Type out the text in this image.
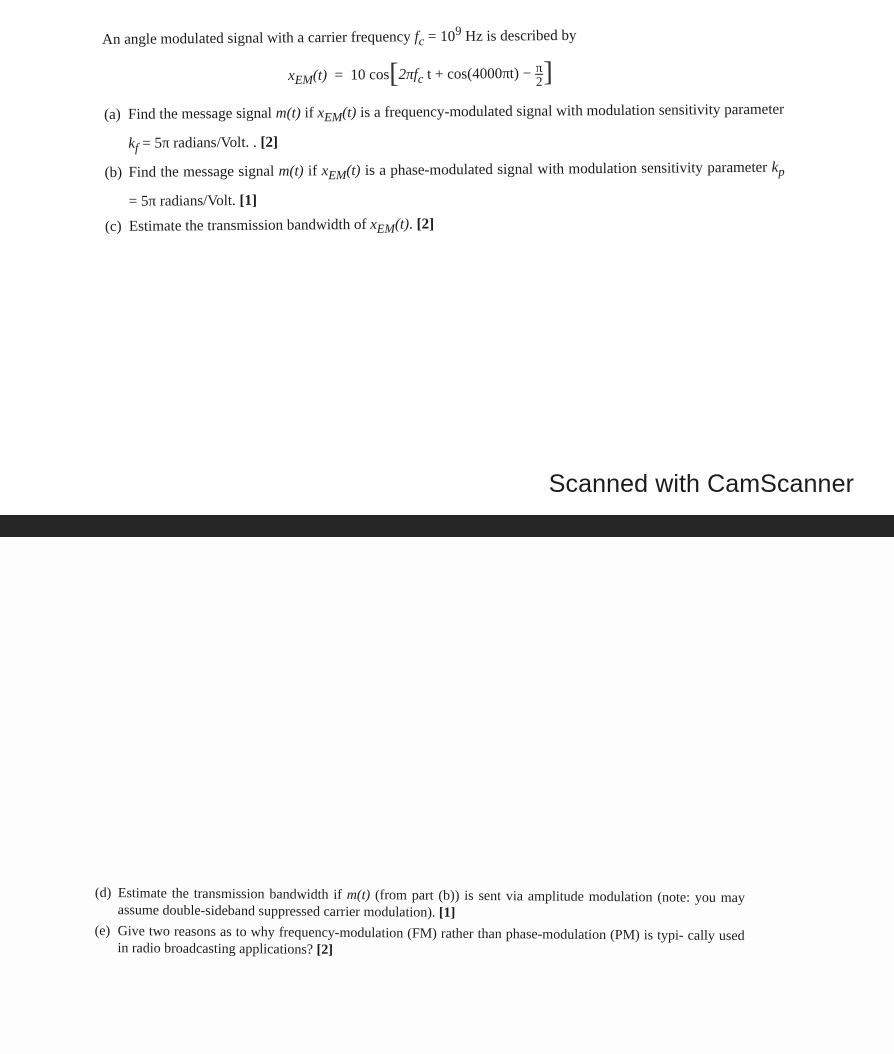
An angle modulated signal with a carrier frequency $f_c = 10^9$ Hz is described by
$x_{EM}(t) = 10$ $\cos[2\pi f_c$ $t + \cos(4000\pi t) - \frac{\pi}{2}$ ]
(a) Find the message signal m(t) if $x_{EM}(t)$ is a frequency-modulated signal with modulation sensitivity parameter $k_f = 5\pi$ radians/Volt. . [2]
(b) Find the message signal m(t) if $x_{EM}(t)$ is a phase-modulated signal with modulation sensitivity parameter $k_p = 5\pi$ radians/Volt. [1]
(c) Estimate the transmission bandwidth of $x_{EM}(t)$. [2]
Scanned with CamScanner
(d) Estimate the transmission bandwidth if m(t) (from part (b)) is sent via amplitude modulation (note: you may assume double-sideband suppressed carrier modulation). [1]
(e) Give two reasons as to why frequency-modulation (FM) rather than phase-modulation (PM) is typi- cally used in radio broadcasting applications? [2]
